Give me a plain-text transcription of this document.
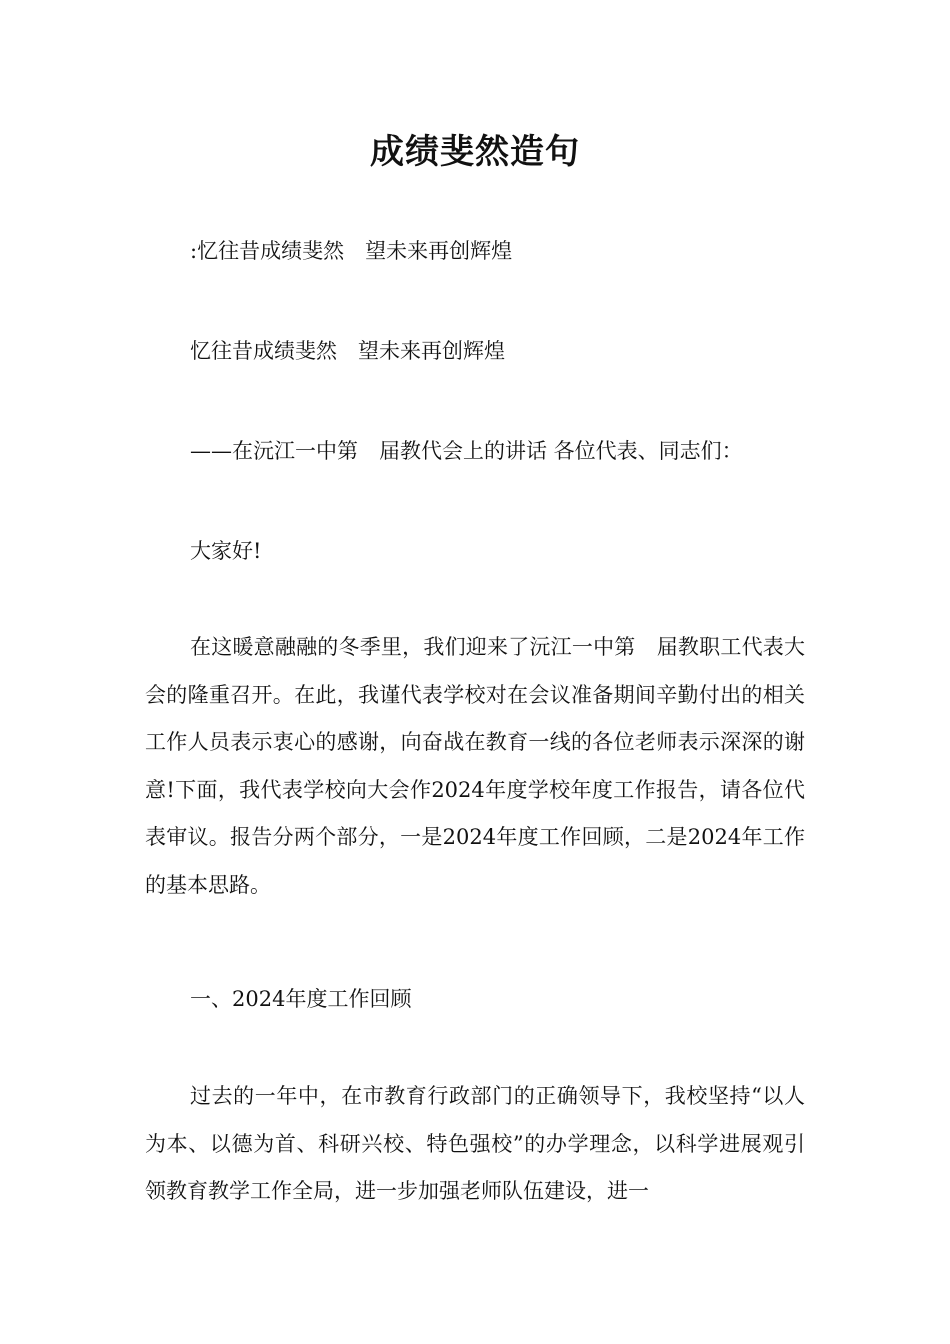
成绩斐然造句
:忆往昔成绩斐然　望未来再创辉煌
忆往昔成绩斐然　望未来再创辉煌
——在沅江一中第　届教代会上的讲话 各位代表、同志们：
大家好!
在这暖意融融的冬季里，我们迎来了沅江一中第　届教职工代表大会的隆重召开。在此，我谨代表学校对在会议准备期间辛勤付出的相关工作人员表示衷心的感谢，向奋战在教育一线的各位老师表示深深的谢意!下面，我代表学校向大会作2024年度学校年度工作报告，请各位代表审议。报告分两个部分，一是2024年度工作回顾，二是2024年工作的基本思路。
一、2024年度工作回顾
过去的一年中，在市教育行政部门的正确领导下，我校坚持“以人为本、以德为首、科研兴校、特色强校”的办学理念，以科学进展观引领教育教学工作全局，进一步加强老师队伍建设，进一
